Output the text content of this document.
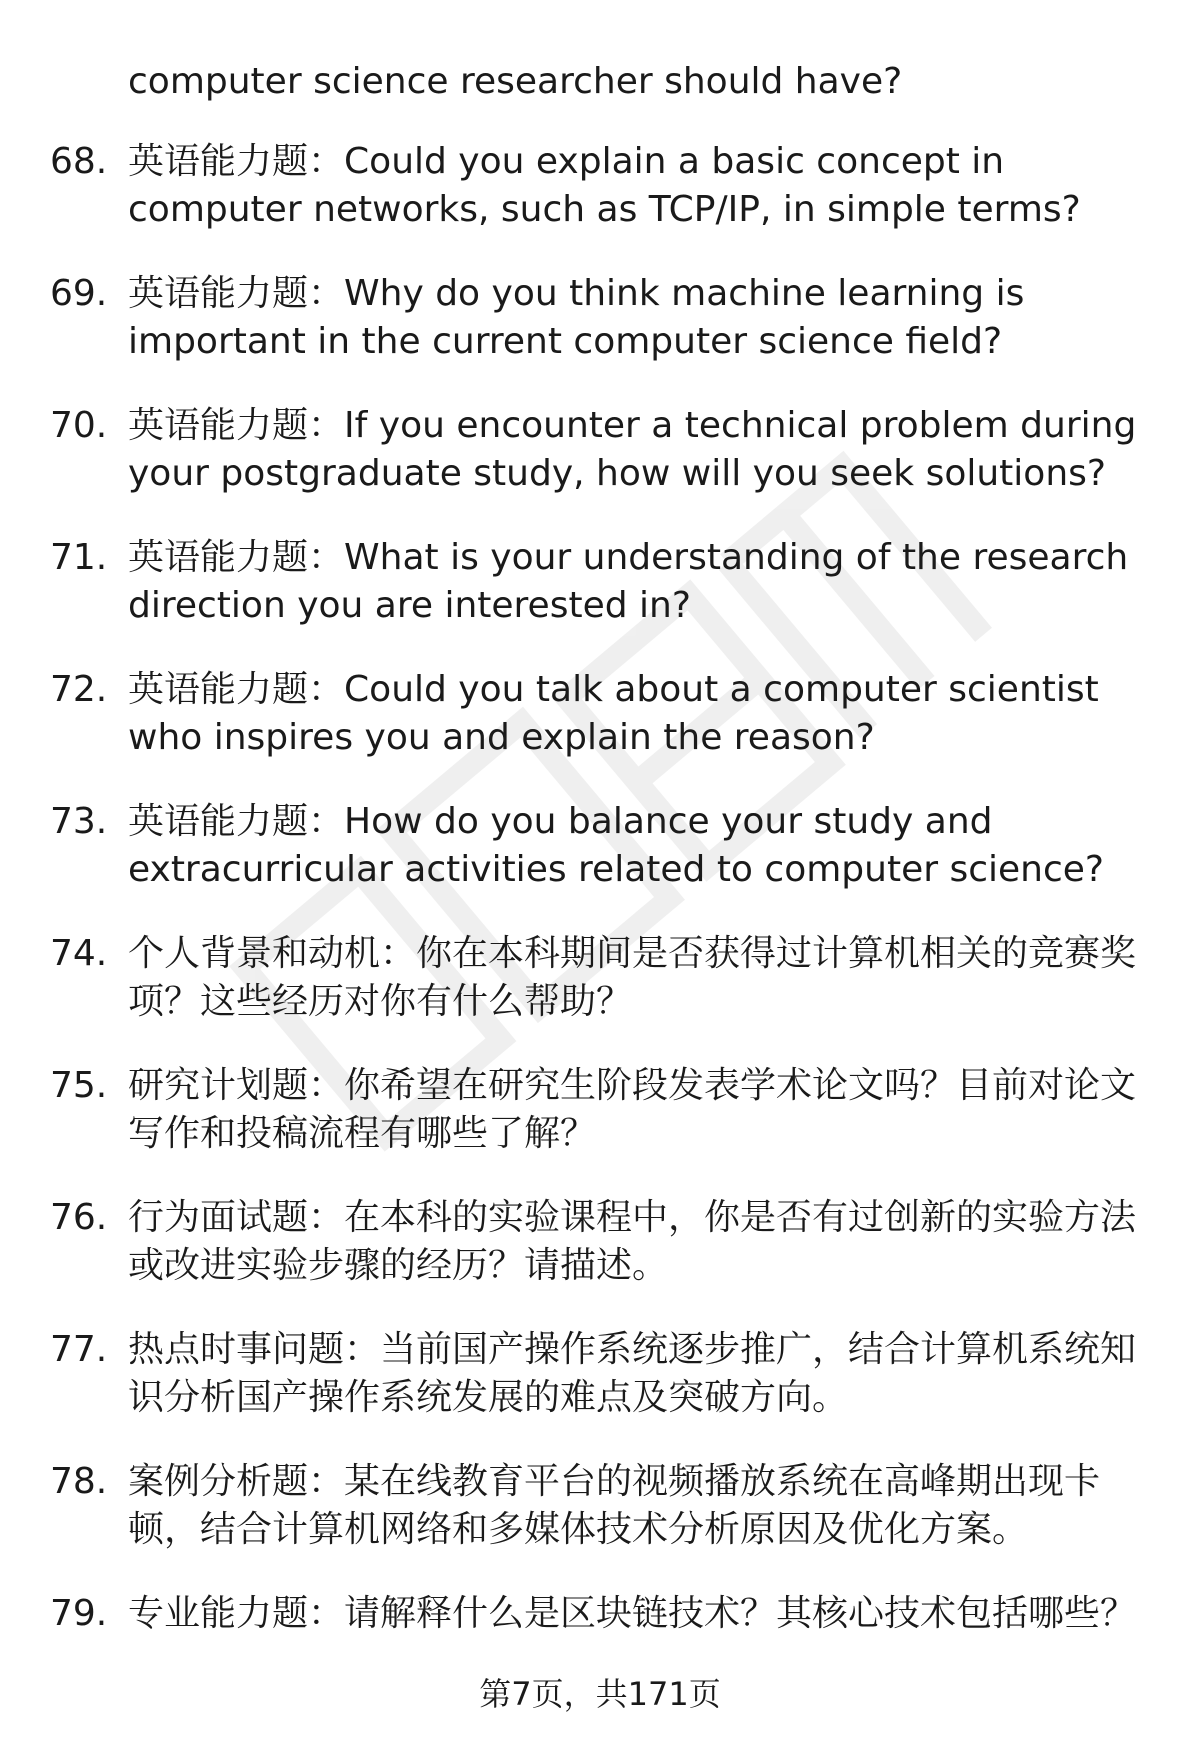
computer science researcher should have?

68. 英语能力题：Could you explain a basic concept in computer networks, such as TCP/IP, in simple terms?
69. 英语能力题：Why do you think machine learning is important in the current computer science field?
70. 英语能力题：If you encounter a technical problem during your postgraduate study, how will you seek solutions?
71. 英语能力题：What is your understanding of the research direction you are interested in?
72. 英语能力题：Could you talk about a computer scientist who inspires you and explain the reason?
73. 英语能力题：How do you balance your study and extracurricular activities related to computer science?
74. 个人背景和动机：你在本科期间是否获得过计算机相关的竞赛奖项？这些经历对你有什么帮助？
75. 研究计划题：你希望在研究生阶段发表学术论文吗？目前对论文写作和投稿流程有哪些了解？
76. 行为面试题：在本科的实验课程中，你是否有过创新的实验方法或改进实验步骤的经历？请描述。
77. 热点时事问题：当前国产操作系统逐步推广，结合计算机系统知识分析国产操作系统发展的难点及突破方向。
78. 案例分析题：某在线教育平台的视频播放系统在高峰期出现卡顿，结合计算机网络和多媒体技术分析原因及优化方案。
79. 专业能力题：请解释什么是区块链技术？其核心技术包括哪些？
第7页，共171页
